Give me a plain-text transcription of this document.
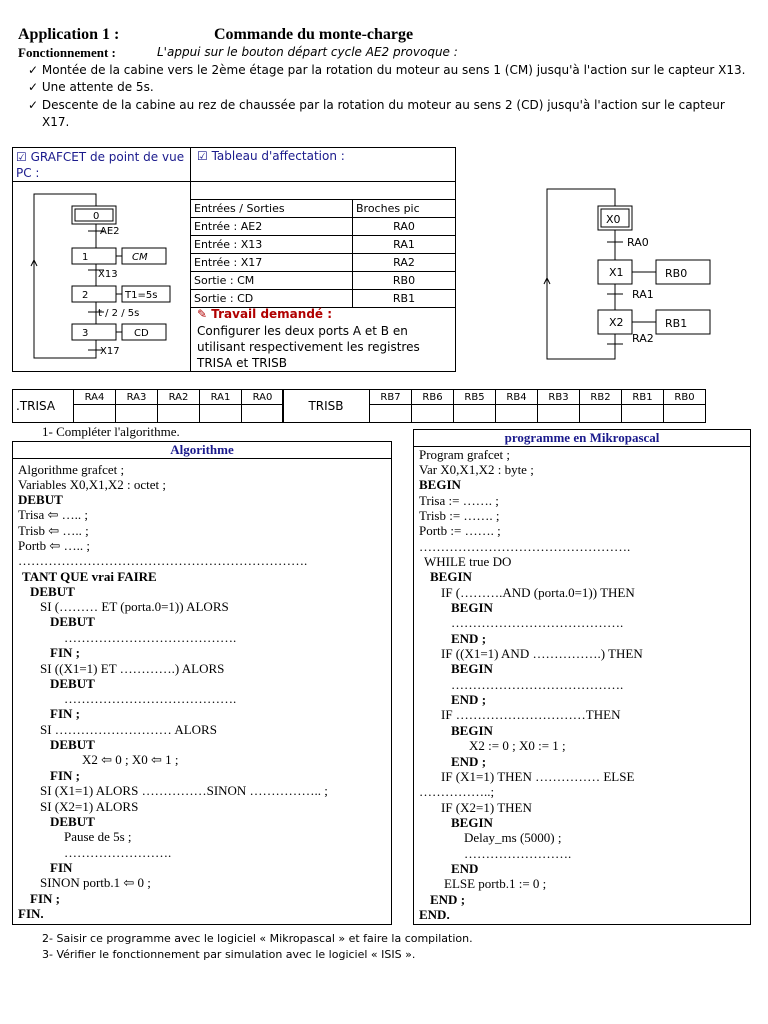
Application 1 :	Commande du monte-charge
Fonctionnement :	L'appui sur le bouton départ cycle AE2 provoque :
✓ Montée de la cabine vers le 2ème étage par la rotation du moteur au sens 1 (CM) jusqu'à l'action sur le capteur X13.
✓ Une attente de 5s.
✓ Descente de la cabine au rez de chaussée par la rotation du moteur au sens 2 (CD) jusqu'à l'action sur le capteur
X17.
☑ GRAFCET de point de vue PC :
☑ Tableau d'affectation :
0
1
2
3
CM
T1=5s
CD
AE2
X13
t / 2 / 5s
X17
Entrées / Sorties	Broches pic
Entrée : AE2	RA0
Entrée : X13	RA1
Entrée : X17	RA2
Sortie : CM	RB0
Sortie : CD	RB1
✎ Travail demandé :
Configurer les deux ports A et B en
utilisant respectivement les registres
TRISA et TRISB
X0
X1
X2
RB0
RB1
RA0
RA1
RA2
.TRISA	RA4	RA3	RA2	RA1	RA0

TRISB	RB7	RB6	RB5	RB4	RB3	RB2	RB1	RB0

1- Compléter l'algorithme.
Algorithme
Algorithme grafcet ;
Variables X0,X1,X2 : octet ;
DEBUT
Trisa ⇦ ….. ;
Trisb ⇦ ….. ;
Portb ⇦ ….. ;
………………………………………………………….
TANT QUE vrai FAIRE
DEBUT
SI (……… ET (porta.0=1)) ALORS
DEBUT
………………………………….
FIN ;
SI ((X1=1) ET ………….) ALORS
DEBUT
………………………………….
FIN ;
SI ……………………… ALORS
DEBUT
X2 ⇦ 0 ; X0 ⇦ 1 ;
FIN ;
SI (X1=1) ALORS ……………SINON …………….. ;
SI (X2=1) ALORS
DEBUT
Pause de 5s ;
…………………….
FIN
SINON portb.1 ⇦ 0 ;
FIN ;
FIN.
programme en Mikropascal
Program grafcet ;
Var X0,X1,X2 : byte ;
BEGIN
Trisa := ……. ;
Trisb := ……. ;
Portb := ……. ;
………………………………………….
WHILE true DO
BEGIN
IF (……….AND (porta.0=1)) THEN
BEGIN
………………………………….
END ;
IF ((X1=1) AND …………….) THEN
BEGIN
………………………………….
END ;
IF …………………………THEN
BEGIN
X2 := 0 ; X0 := 1 ;
END ;
IF (X1=1) THEN …………… ELSE
……………..;
IF (X2=1) THEN
BEGIN
Delay_ms (5000) ;
…………………….
END
ELSE portb.1 := 0 ;
END ;
END.
2- Saisir ce programme avec le logiciel « Mikropascal » et faire la compilation.
3- Vérifier le fonctionnement par simulation avec le logiciel « ISIS ».
